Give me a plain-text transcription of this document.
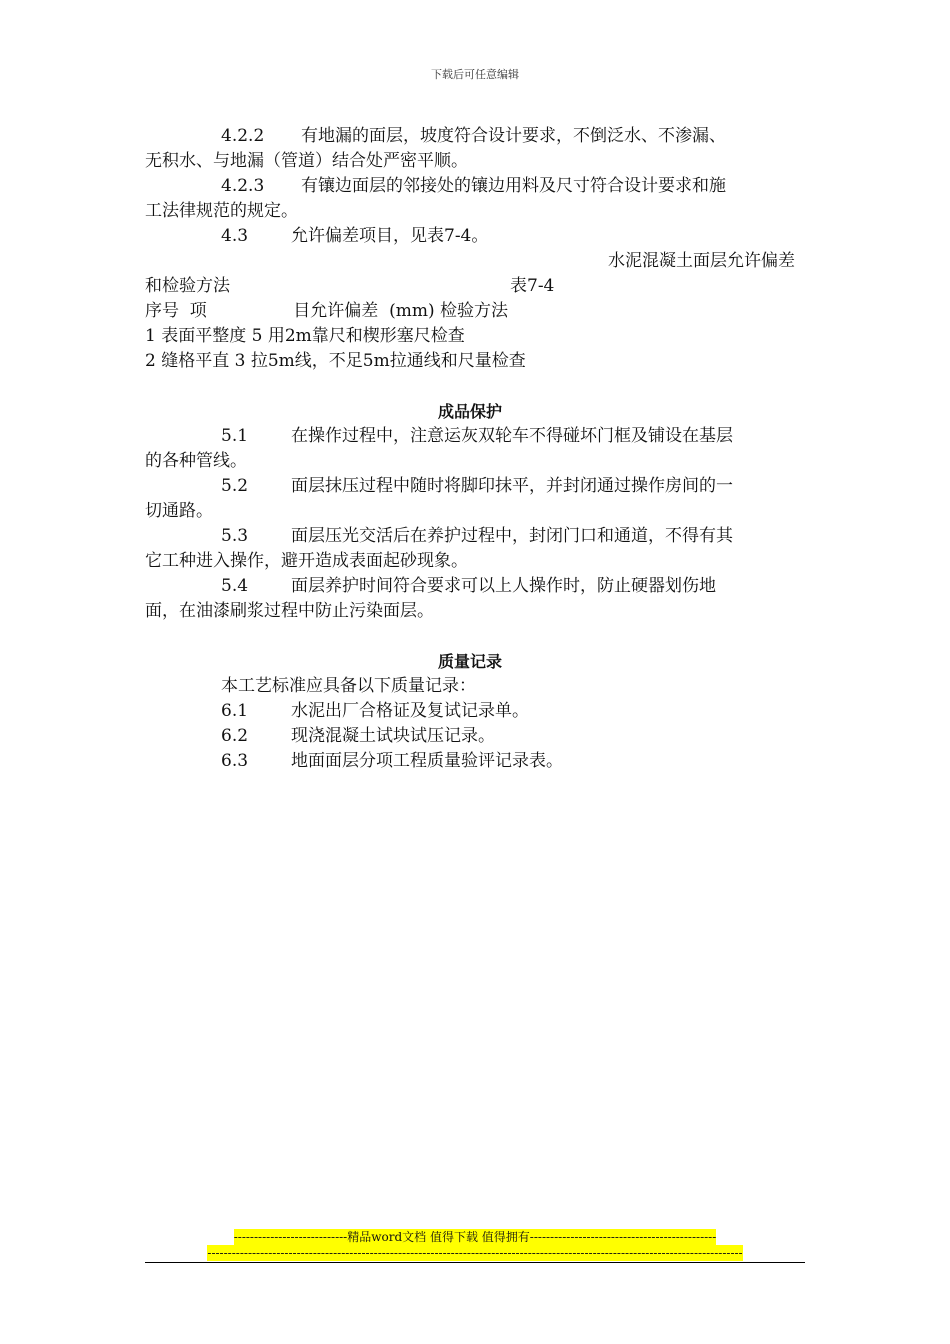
下载后可任意编辑

4.2.2 有地漏的面层，坡度符合设计要求，不倒泛水、不渗漏、

无积水、与地漏（管道）结合处严密平顺。

4.2.3 有镶边面层的邻接处的镶边用料及尺寸符合设计要求和施

工法律规范的规定。

4.3	允许偏差项目，见表7-4。

水泥混凝土面层允许偏差

和检验方法	表7-4

序号  项                目允许偏差  (mm) 检验方法

1 表面平整度 5 用2m靠尺和楔形塞尺检查

2 缝格平直 3 拉5m线，不足5m拉通线和尺量检查

成品保护

5.1	在操作过程中，注意运灰双轮车不得碰坏门框及铺设在基层

的各种管线。

5.2	面层抹压过程中随时将脚印抹平，并封闭通过操作房间的一

切通路。

5.3	面层压光交活后在养护过程中，封闭门口和通道，不得有其

它工种进入操作，避开造成表面起砂现象。

5.4	面层养护时间符合要求可以上人操作时，防止硬器划伤地

面，在油漆刷浆过程中防止污染面层。

质量记录

本工艺标准应具备以下质量记录：

6.1	水泥出厂合格证及复试记录单。

6.2	现浇混凝土试块试压记录。

6.3	地面面层分项工程质量验评记录表。

----------------------------精品word文档 值得下载 值得拥有----------------------------------------------
------------------------------------------------------------------------------------------------------------------------------------
